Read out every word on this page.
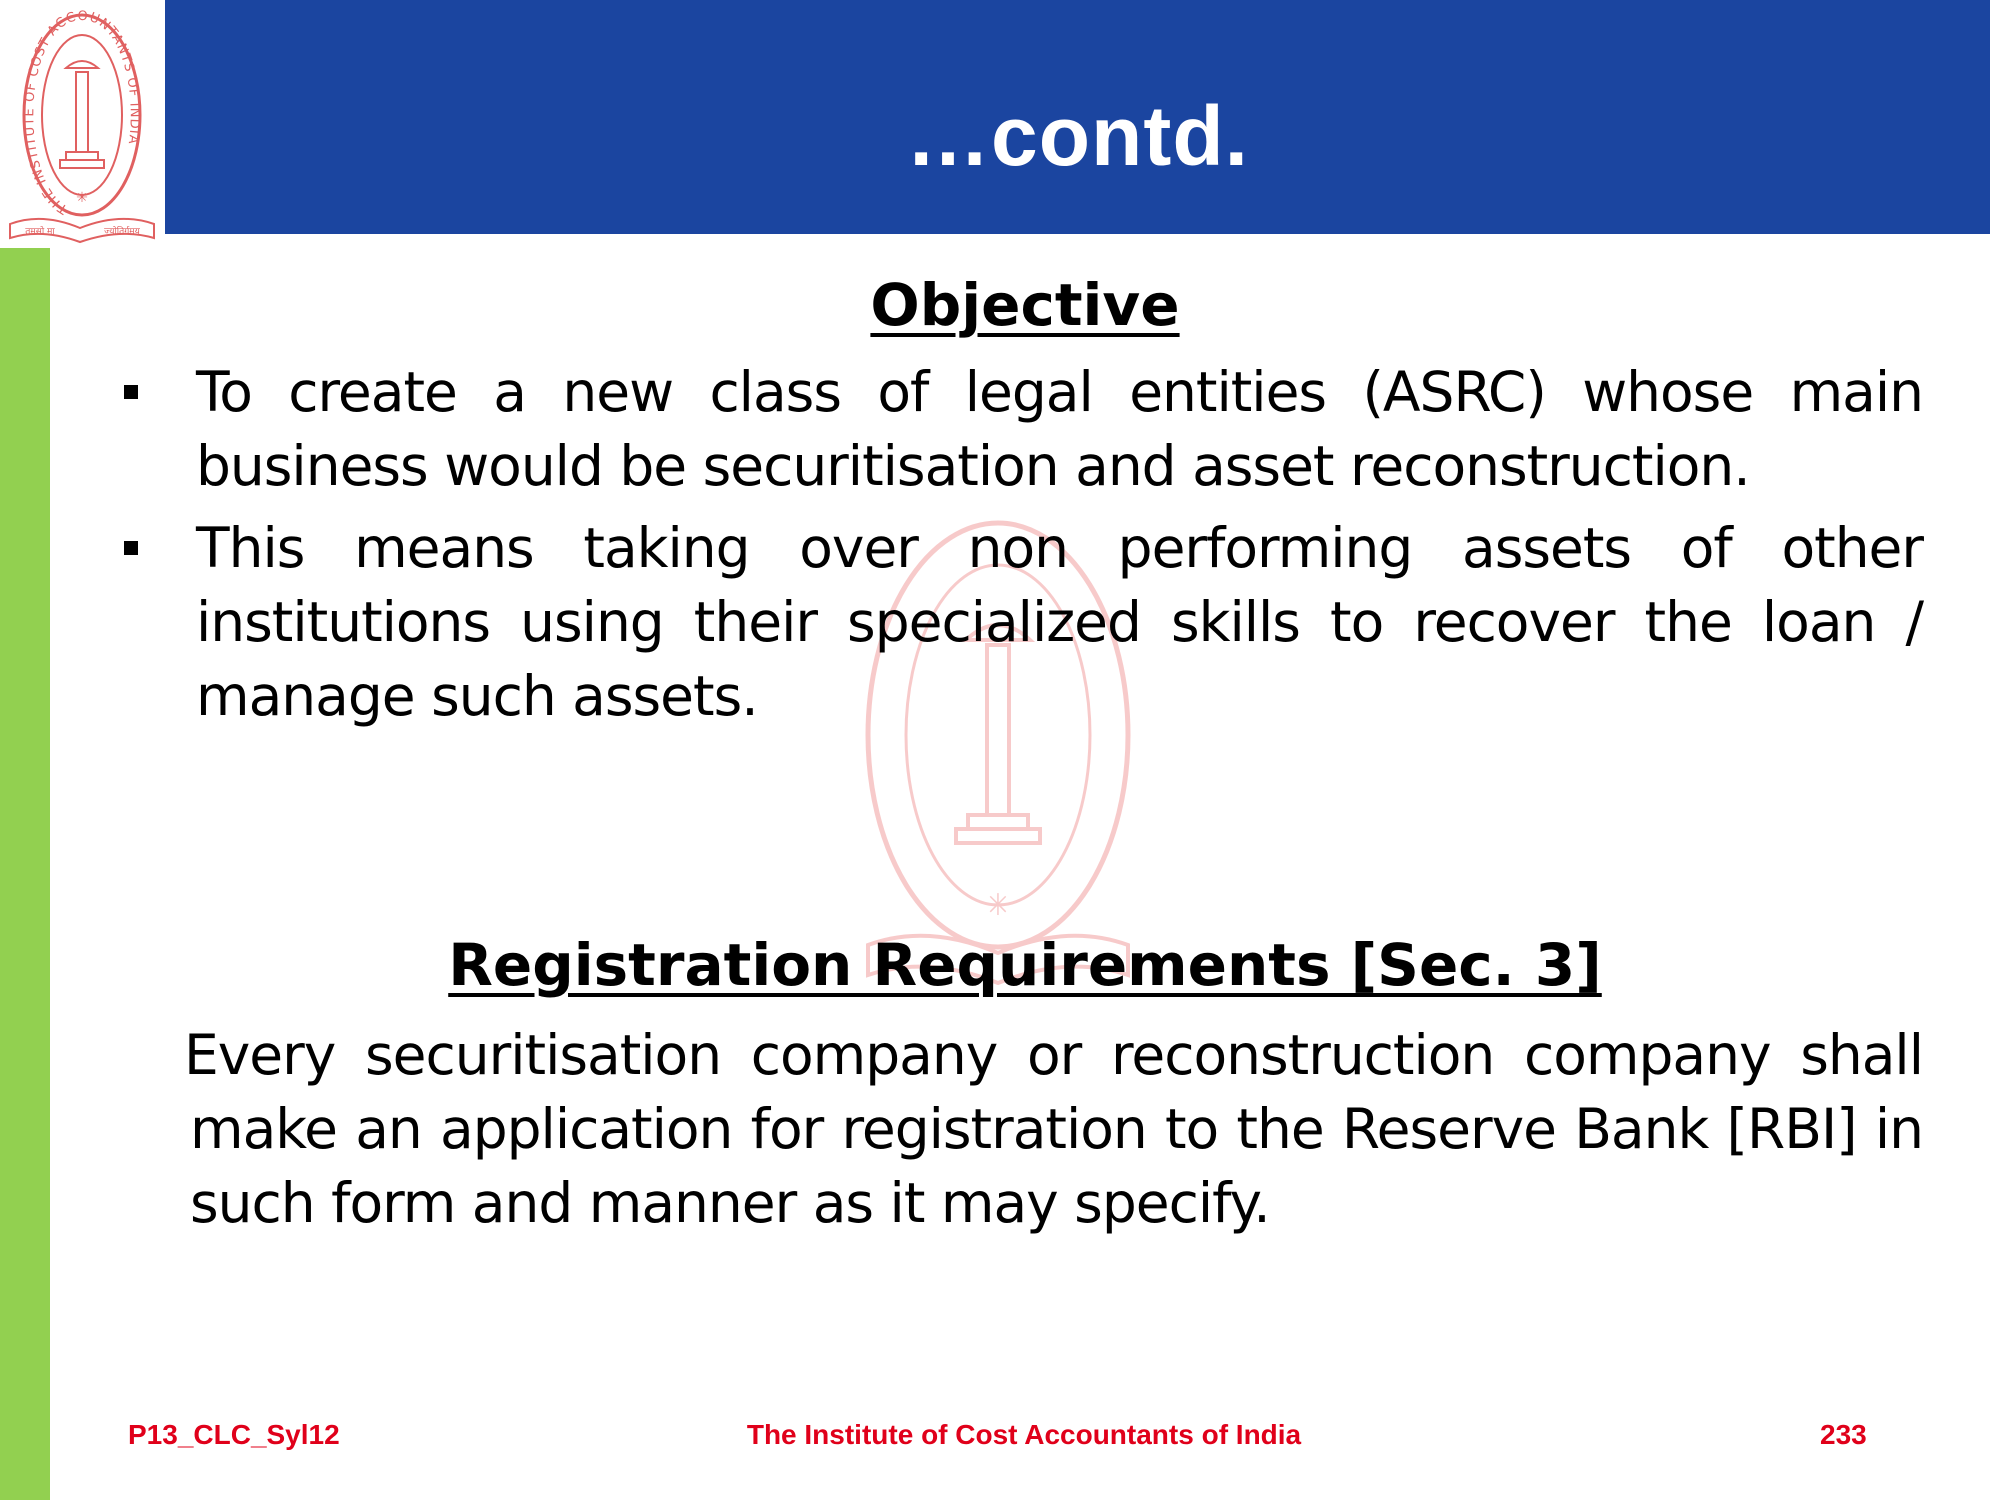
THE INSTITUTE OF COST ACCOUNTANTS OF INDIA
✳
तमसो मा	ज्योतिर्गमय
…contd.
✳
Objective
To create a new class of legal entities (ASRC) whose main business would be securitisation and asset reconstruction.
This means taking over non performing assets of other institutions using their specialized skills to recover the loan / manage such assets.
Registration Requirements [Sec. 3]

Every securitisation company or reconstruction company shall make an application for registration to the Reserve Bank [RBI] in such form and manner as it may specify.

P13_CLC_Syl12	The Institute of Cost Accountants of India	233
